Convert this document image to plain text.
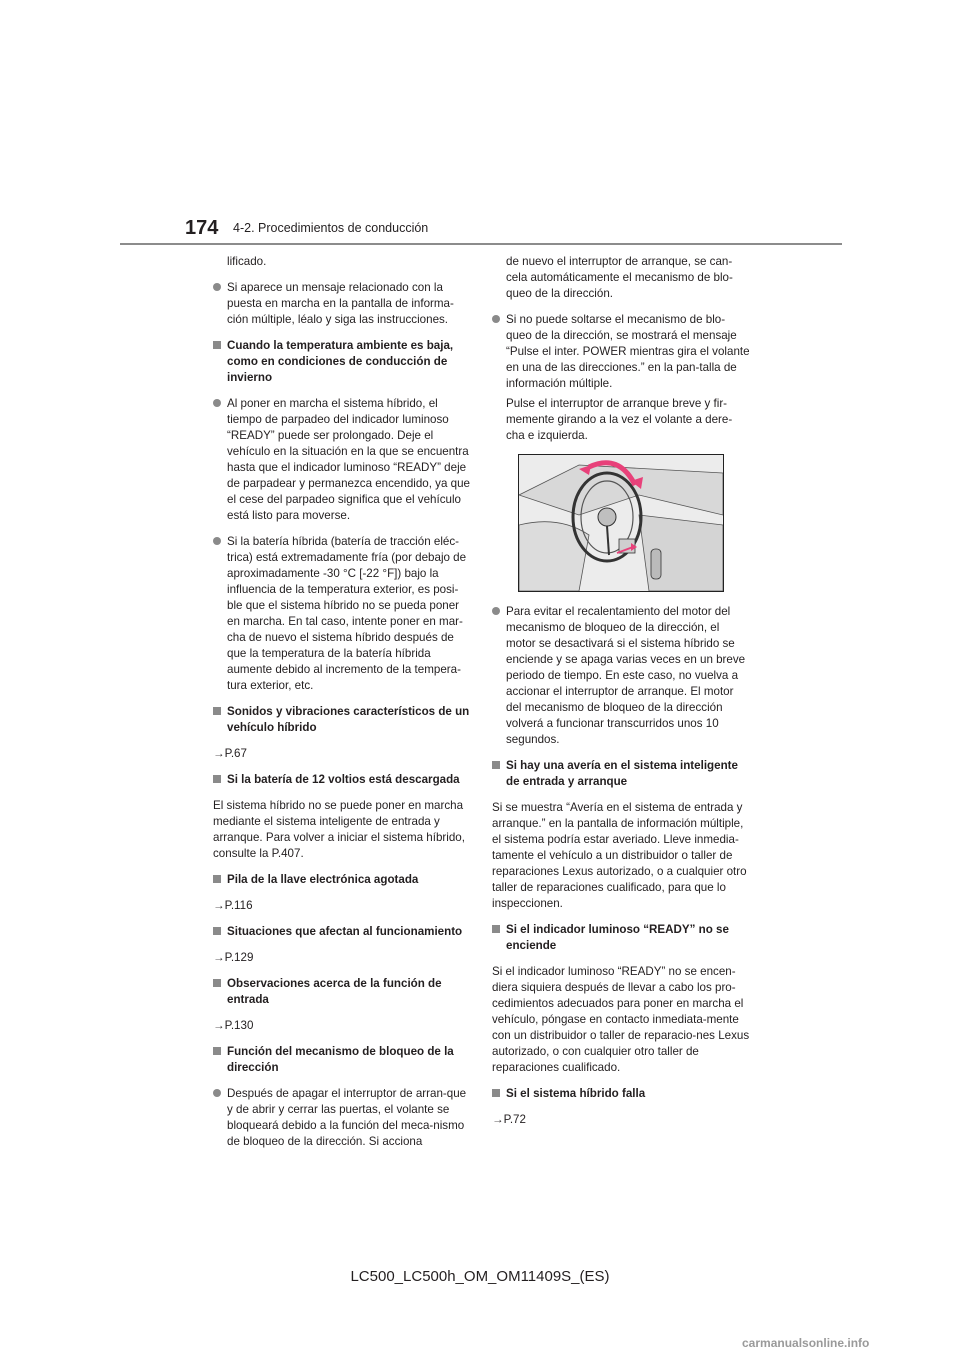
174 4-2. Procedimientos de conducción

lificado.

Si aparece un mensaje relacionado con la puesta en marcha en la pantalla de informa-ción múltiple, léalo y siga las instrucciones.
Cuando la temperatura ambiente es baja, como en condiciones de conducción de invierno
Al poner en marcha el sistema híbrido, el tiempo de parpadeo del indicador luminoso “READY” puede ser prolongado. Deje el vehículo en la situación en la que se encuentra hasta que el indicador luminoso “READY” deje de parpadear y permanezca encendido, ya que el cese del parpadeo significa que el vehículo está listo para moverse.
Si la batería híbrida (batería de tracción eléc-trica) está extremadamente fría (por debajo de aproximadamente -30 °C [-22 °F]) bajo la influencia de la temperatura exterior, es posi-ble que el sistema híbrido no se pueda poner en marcha. En tal caso, intente poner en mar-cha de nuevo el sistema híbrido después de que la temperatura de la batería híbrida aumente debido al incremento de la tempera-tura exterior, etc.
Sonidos y vibraciones característicos de un vehículo híbrido

→P.67

Si la batería de 12 voltios está descargada

El sistema híbrido no se puede poner en marcha mediante el sistema inteligente de entrada y arranque. Para volver a iniciar el sistema híbrido, consulte la P.407.

Pila de la llave electrónica agotada

→P.116

Situaciones que afectan al funcionamiento

→P.129

Observaciones acerca de la función de entrada

→P.130

Función del mecanismo de bloqueo de la dirección
Después de apagar el interruptor de arran-que y de abrir y cerrar las puertas, el volante se bloqueará debido a la función del meca-nismo de bloqueo de la dirección. Si acciona

de nuevo el interruptor de arranque, se can-cela automáticamente el mecanismo de blo-queo de la dirección.

Si no puede soltarse el mecanismo de blo-queo de la dirección, se mostrará el mensaje “Pulse el inter. POWER mientras gira el volante en una de las direcciones.” en la pan-talla de información múltiple.

Pulse el interruptor de arranque breve y fir-memente girando a la vez el volante a dere-cha e izquierda.

Para evitar el recalentamiento del motor del mecanismo de bloqueo de la dirección, el motor se desactivará si el sistema híbrido se enciende y se apaga varias veces en un breve periodo de tiempo. En este caso, no vuelva a accionar el interruptor de arranque. El motor del mecanismo de bloqueo de la dirección volverá a funcionar transcurridos unos 10 segundos.
Si hay una avería en el sistema inteligente de entrada y arranque

Si se muestra “Avería en el sistema de entrada y arranque.” en la pantalla de información múltiple, el sistema podría estar averiado. Lleve inmedia-tamente el vehículo a un distribuidor o taller de reparaciones Lexus autorizado, o a cualquier otro taller de reparaciones cualificado, para que lo inspeccionen.

Si el indicador luminoso “READY” no se enciende

Si el indicador luminoso “READY” no se encen-diera siquiera después de llevar a cabo los pro-cedimientos adecuados para poner en marcha el vehículo, póngase en contacto inmediata-mente con un distribuidor o taller de reparacio-nes Lexus autorizado, o con cualquier otro taller de reparaciones cualificado.

Si el sistema híbrido falla

→P.72

LC500_LC500h_OM_OM11409S_(ES)
carmanualsonline.info
